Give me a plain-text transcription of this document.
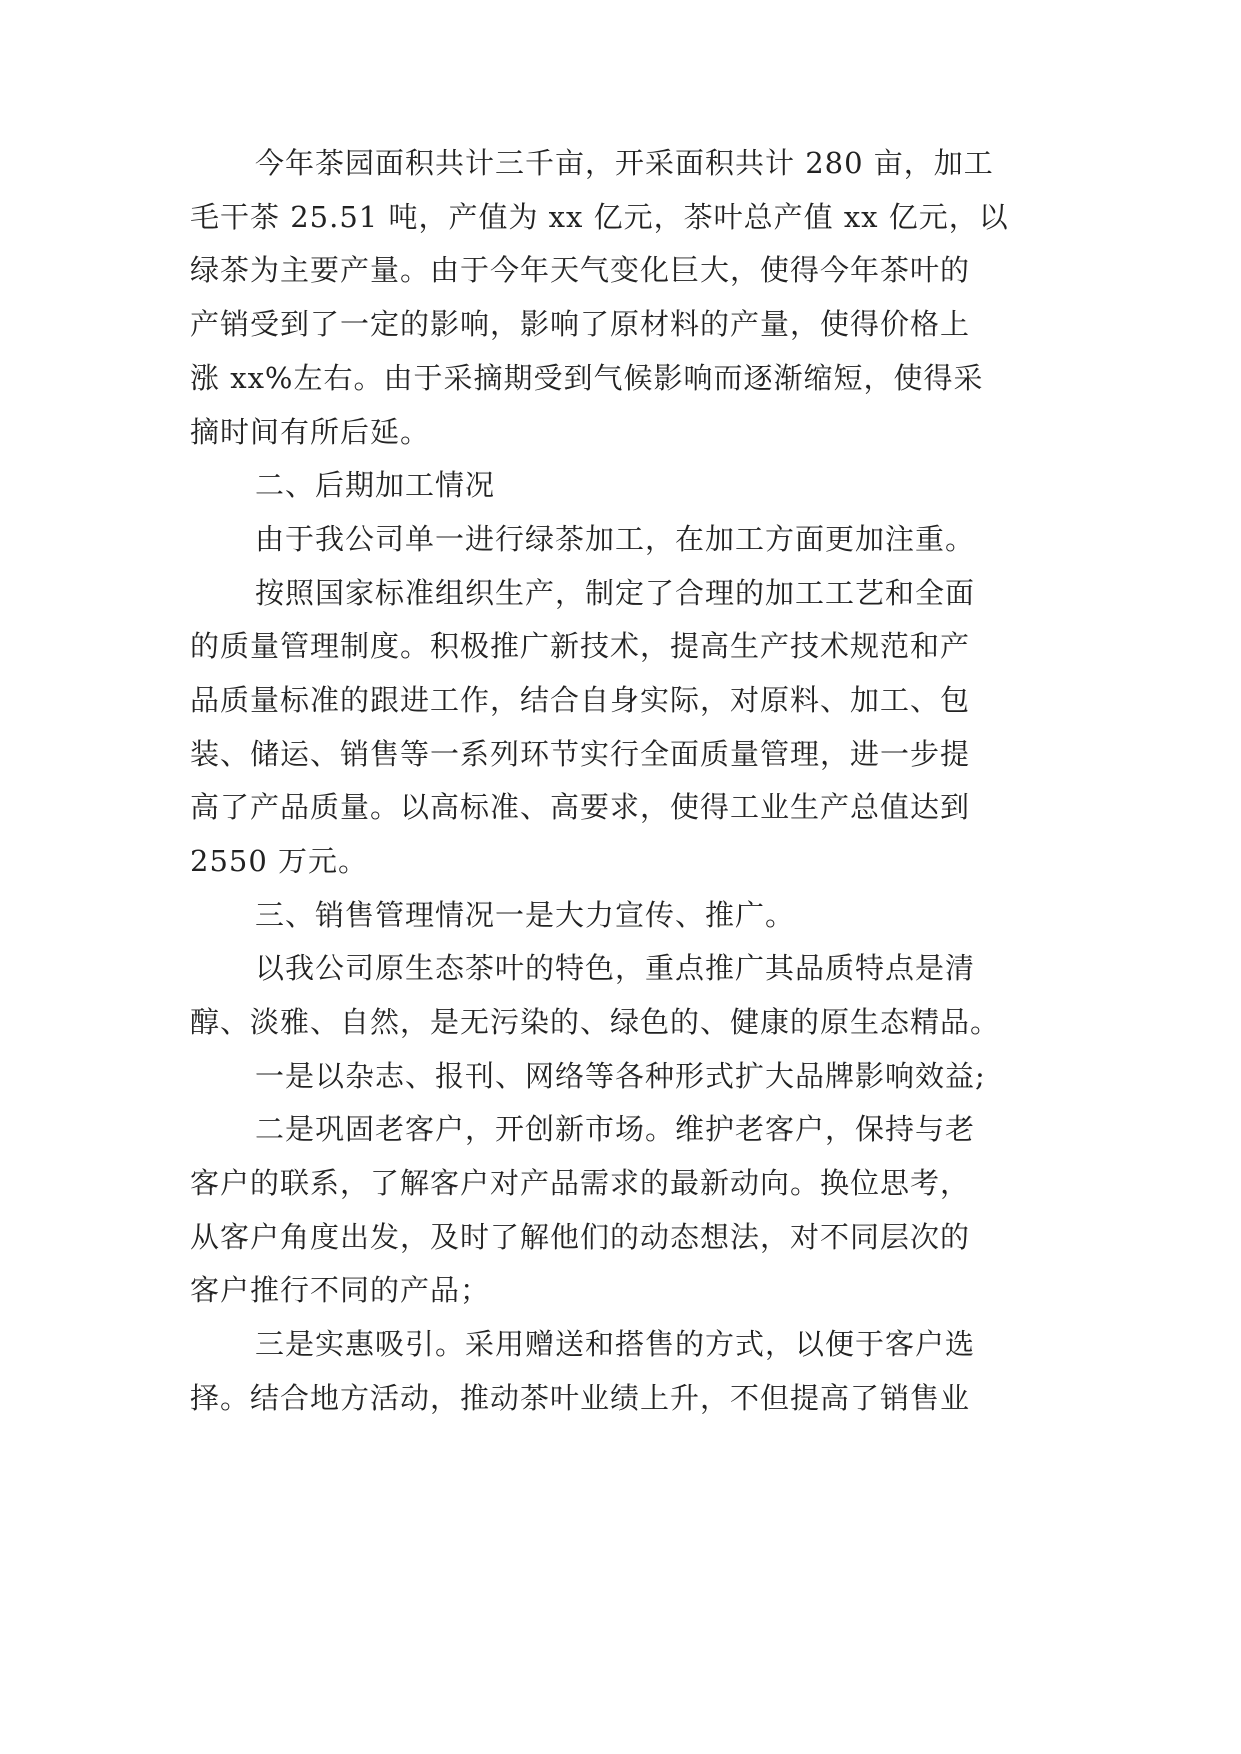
今年茶园面积共计三千亩，开采面积共计 280 亩，加工

毛干茶 25.51 吨，产值为 xx 亿元，茶叶总产值 xx 亿元，以

绿茶为主要产量。由于今年天气变化巨大，使得今年茶叶的

产销受到了一定的影响，影响了原材料的产量，使得价格上

涨 xx%左右。由于采摘期受到气候影响而逐渐缩短，使得采

摘时间有所后延。

二、后期加工情况

由于我公司单一进行绿茶加工，在加工方面更加注重。

按照国家标准组织生产，制定了合理的加工工艺和全面

的质量管理制度。积极推广新技术，提高生产技术规范和产

品质量标准的跟进工作，结合自身实际，对原料、加工、包

装、储运、销售等一系列环节实行全面质量管理，进一步提

高了产品质量。以高标准、高要求，使得工业生产总值达到

2550 万元。

三、销售管理情况一是大力宣传、推广。

以我公司原生态茶叶的特色，重点推广其品质特点是清

醇、淡雅、自然，是无污染的、绿色的、健康的原生态精品。

一是以杂志、报刊、网络等各种形式扩大品牌影响效益;

二是巩固老客户，开创新市场。维护老客户，保持与老

客户的联系，了解客户对产品需求的最新动向。换位思考，

从客户角度出发，及时了解他们的动态想法，对不同层次的

客户推行不同的产品；

三是实惠吸引。采用赠送和搭售的方式，以便于客户选

择。结合地方活动，推动茶叶业绩上升，不但提高了销售业
